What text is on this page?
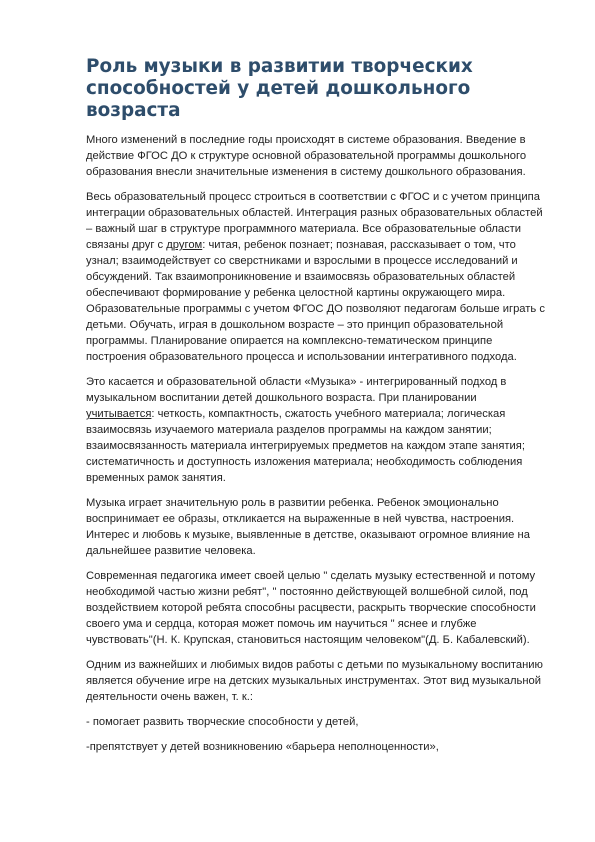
Роль музыки в развитии творческих способностей у детей дошкольного возраста

Много изменений в последние годы происходят в системе образования. Введение в действие ФГОС ДО к структуре основной образовательной программы дошкольного образования внесли значительные изменения в систему дошкольного образования.

Весь образовательный процесс строиться в соответствии с ФГОС и с учетом принципа интеграции образовательных областей. Интеграция разных образовательных областей – важный шаг в структуре программного материала. Все образовательные области связаны друг с другом: читая, ребенок познает; познавая, рассказывает о том, что узнал; взаимодействует со сверстниками и взрослыми в процессе исследований и обсуждений. Так взаимопроникновение и взаимосвязь образовательных областей обеспечивают формирование у ребенка целостной картины окружающего мира. Образовательные программы с учетом ФГОС ДО позволяют педагогам больше играть с детьми. Обучать, играя в дошкольном возрасте – это принцип образовательной программы. Планирование опирается на комплексно-тематическом принципе построения образовательного процесса и использовании интегративного подхода.

Это касается и образовательной области «Музыка» - интегрированный подход в музыкальном воспитании детей дошкольного возраста. При планировании учитывается: четкость, компактность, сжатость учебного материала; логическая взаимосвязь изучаемого материала разделов программы на каждом занятии; взаимосвязанность материала интегрируемых предметов на каждом этапе занятия; систематичность и доступность изложения материала; необходимость соблюдения временных рамок занятия.

Музыка играет значительную роль в развитии ребенка. Ребенок эмоционально воспринимает ее образы, откликается на выраженные в ней чувства, настроения. Интерес и любовь к музыке, выявленные в детстве, оказывают огромное влияние на дальнейшее развитие человека.

Современная педагогика имеет своей целью " сделать музыку естественной и потому необходимой частью жизни ребят", " постоянно действующей волшебной силой, под воздействием которой ребята способны расцвести, раскрыть творческие способности своего ума и сердца, которая может помочь им научиться " яснее и глубже чувствовать"(Н. К. Крупская, становиться настоящим человеком"(Д. Б. Кабалевский).

Одним из важнейших и любимых видов работы с детьми по музыкальному воспитанию является обучение игре на детских музыкальных инструментах. Этот вид музыкальной деятельности очень важен, т. к.:

- помогает развить творческие способности у детей,

-препятствует у детей возникновению «барьера неполноценности»,
